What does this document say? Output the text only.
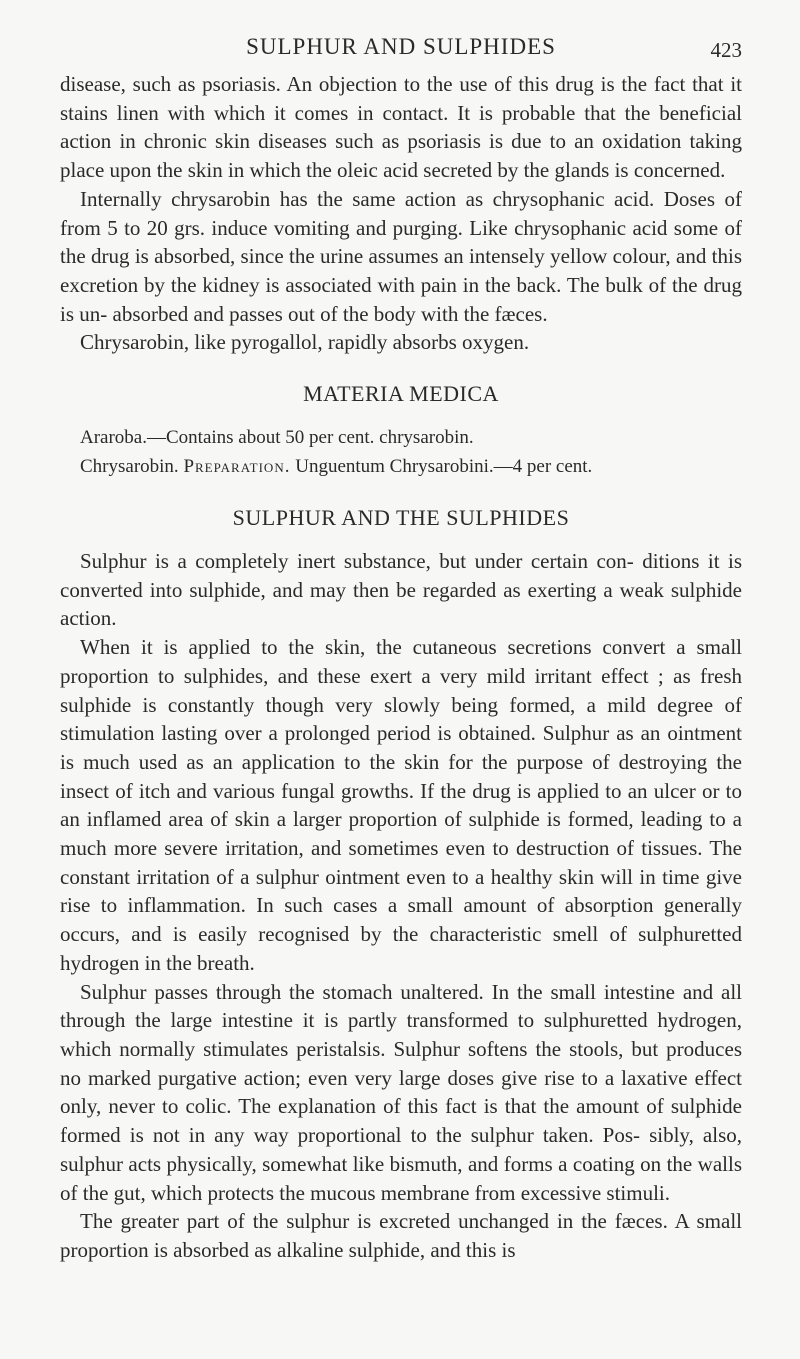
SULPHUR AND SULPHIDES	423

disease, such as psoriasis. An objection to the use of this drug is the fact that it stains linen with which it comes in contact. It is probable that the beneficial action in chronic skin diseases such as psoriasis is due to an oxidation taking place upon the skin in which the oleic acid secreted by the glands is concerned.

Internally chrysarobin has the same action as chrysophanic acid. Doses of from 5 to 20 grs. induce vomiting and purging. Like chrysophanic acid some of the drug is absorbed, since the urine assumes an intensely yellow colour, and this excretion by the kidney is associated with pain in the back. The bulk of the drug is un- absorbed and passes out of the body with the fæces.

Chrysarobin, like pyrogallol, rapidly absorbs oxygen.

MATERIA MEDICA

Araroba.—Contains about 50 per cent. chrysarobin.

Chrysarobin. Preparation. Unguentum Chrysarobini.—4 per cent.

SULPHUR AND THE SULPHIDES

Sulphur is a completely inert substance, but under certain con- ditions it is converted into sulphide, and may then be regarded as exerting a weak sulphide action.

When it is applied to the skin, the cutaneous secretions convert a small proportion to sulphides, and these exert a very mild irritant effect ; as fresh sulphide is constantly though very slowly being formed, a mild degree of stimulation lasting over a prolonged period is obtained. Sulphur as an ointment is much used as an application to the skin for the purpose of destroying the insect of itch and various fungal growths. If the drug is applied to an ulcer or to an inflamed area of skin a larger proportion of sulphide is formed, leading to a much more severe irritation, and sometimes even to destruction of tissues. The constant irritation of a sulphur ointment even to a healthy skin will in time give rise to inflammation. In such cases a small amount of absorption generally occurs, and is easily recognised by the characteristic smell of sulphuretted hydrogen in the breath.

Sulphur passes through the stomach unaltered. In the small intestine and all through the large intestine it is partly transformed to sulphuretted hydrogen, which normally stimulates peristalsis. Sulphur softens the stools, but produces no marked purgative action; even very large doses give rise to a laxative effect only, never to colic. The explanation of this fact is that the amount of sulphide formed is not in any way proportional to the sulphur taken. Pos- sibly, also, sulphur acts physically, somewhat like bismuth, and forms a coating on the walls of the gut, which protects the mucous membrane from excessive stimuli.

The greater part of the sulphur is excreted unchanged in the fæces. A small proportion is absorbed as alkaline sulphide, and this is
